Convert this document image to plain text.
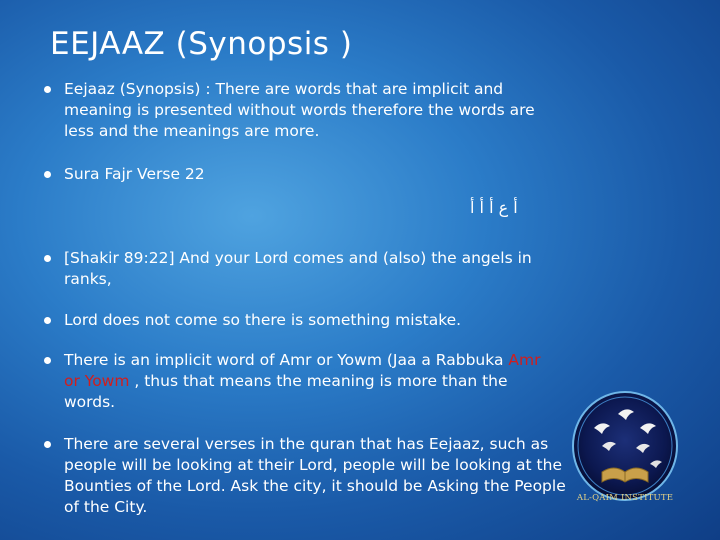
EEJAAZ (Synopsis )
Eejaaz (Synopsis) : There are words that are implicit and meaning is presented without words therefore the words are less and the meanings are more.
Sura Fajr Verse 22
أ ع أ أ أ
[Shakir 89:22] And your Lord comes and (also) the angels in ranks,
Lord does not come so there is something mistake.
There is an implicit word of Amr or Yowm (Jaa a Rabbuka Amr or Yowm , thus that means the meaning is more than the words.
There are several verses in the quran that has Eejaaz, such as people will be looking at their Lord, people will be looking at the Bounties of the Lord. Ask the city, it should be Asking the People of the City.	AL-QAIM INSTITUTE
